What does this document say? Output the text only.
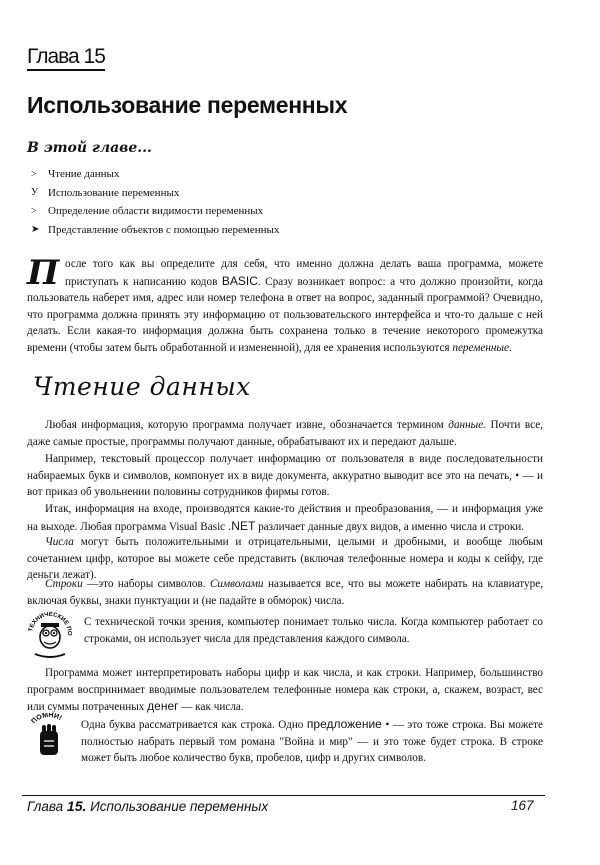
Глава 15
Использование переменных
В этой главе...
>	Чтение данных
У Использование переменных
>	Определение области видимости переменных
➤ Представление объектов с помощью переменных
После того как вы определите для себя, что именно должна делать ваша программа, можете приступать к написанию кодов BASIC. Сразу возникает вопрос: а что должно произойти, когда пользователь наберет имя, адрес или номер телефона в ответ на вопрос, заданный программой? Очевидно, что программа должна принять эту информацию от пользовательского интерфейса и что-то дальше с ней делать. Если какая-то информация должна быть сохранена только в течение некоторого промежутка времени (чтобы затем быть обработанной и измененной), для ее хранения используются переменные.
Чтение данных
Любая информация, которую программа получает извне, обозначается термином данные. Почти все, даже самые простые, программы получают данные, обрабатывают их и передают дальше.
Например, текстовый процессор получает информацию от пользователя в виде последовательности набираемых букв и символов, компонует их в виде документа, аккуратно выводит все это на печать, • — и вот приказ об увольнении половины сотрудников фирмы готов.
Итак, информация на входе, производятся какие-то действия и преобразования, — и информация уже на выходе. Любая программа Visual Basic .NET различает данные двух видов, а именно числа и строки.
Числа могут быть положительными и отрицательными, целыми и дробными, и вообще любым сочетанием цифр, которое вы можете себе представить (включая телефонные номера и коды к сейфу, где деньги лежат).
Строки —это наборы символов. Символами называется все, что вы можете набирать на клавиатуре, включая буквы, знаки пунктуации и (не падайте в обморок) числа.
ТЕХНИЧЕСКИЕ ПО
С технической точки зрения, компьютер понимает только числа. Когда компьютер работает со строками, он использует числа для представления каждого символа.
Программа может интерпретировать наборы цифр и как числа, и как строки. Например, большинство программ воспринимает вводимые пользователем телефонные номера как строки, а, скажем, возраст, вес или суммы потраченных денег — как числа.
ПОМНИ!
Одна буква рассматривается как строка. Одно предложение • — это тоже строка. Вы можете полностью набрать первый том романа "Война и мир" — и это тоже будет строка. В строке может быть любое количество букв, пробелов, цифр и других символов.
Глава 15. Использование переменных	167
